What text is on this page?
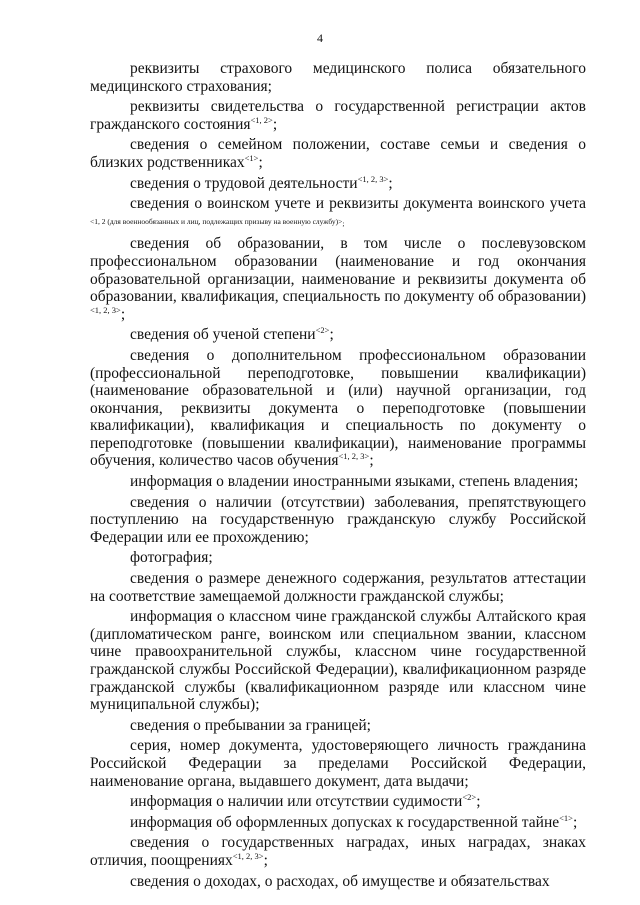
4

реквизиты страхового медицинского полиса обязательного медицинского страхования;

реквизиты свидетельства о государственной регистрации актов гражданского состояния$^{<1, 2>}$;

сведения о семейном положении, составе семьи и сведения о близких родственниках$^{<1>}$;

сведения о трудовой деятельности$^{<1, 2, 3>}$;

сведения о воинском учете и реквизиты документа воинского учета <1, 2 (для военнообязанных и лиц, подлежащих призыву на военную службу)>;

сведения об образовании, в том числе о послевузовском профессиональном образовании (наименование и год окончания образовательной организации, наименование и реквизиты документа об образовании, квалификация, специальность по документу об образовании)$^{<1, 2, 3>}$;

сведения об ученой степени$^{<2>}$;

сведения о дополнительном профессиональном образовании (профессиональной переподготовке, повышении квалификации) (наименование образовательной и (или) научной организации, год окончания, реквизиты документа о переподготовке (повышении квалификации), квалификация и специальность по документу о переподготовке (повышении квалификации), наименование программы обучения, количество часов обучения$^{<1, 2, 3>}$;

информация о владении иностранными языками, степень владения;

сведения о наличии (отсутствии) заболевания, препятствующего поступлению на государственную гражданскую службу Российской Федерации или ее прохождению;

фотография;

сведения о размере денежного содержания, результатов аттестации на соответствие замещаемой должности гражданской службы;

информация о классном чине гражданской службы Алтайского края (дипломатическом ранге, воинском или специальном звании, классном чине правоохранительной службы, классном чине государственной гражданской службы Российской Федерации), квалификационном разряде гражданской службы (квалификационном разряде или классном чине муниципальной службы);

сведения о пребывании за границей;

серия, номер документа, удостоверяющего личность гражданина Российской Федерации за пределами Российской Федерации, наименование органа, выдавшего документ, дата выдачи;

информация о наличии или отсутствии судимости$^{<2>}$;

информация об оформленных допусках к государственной тайне$^{<1>}$;

сведения о государственных наградах, иных наградах, знаках отличия, поощрениях$^{<1, 2, 3>}$;

сведения о доходах, о расходах, об имуществе и обязательствах
